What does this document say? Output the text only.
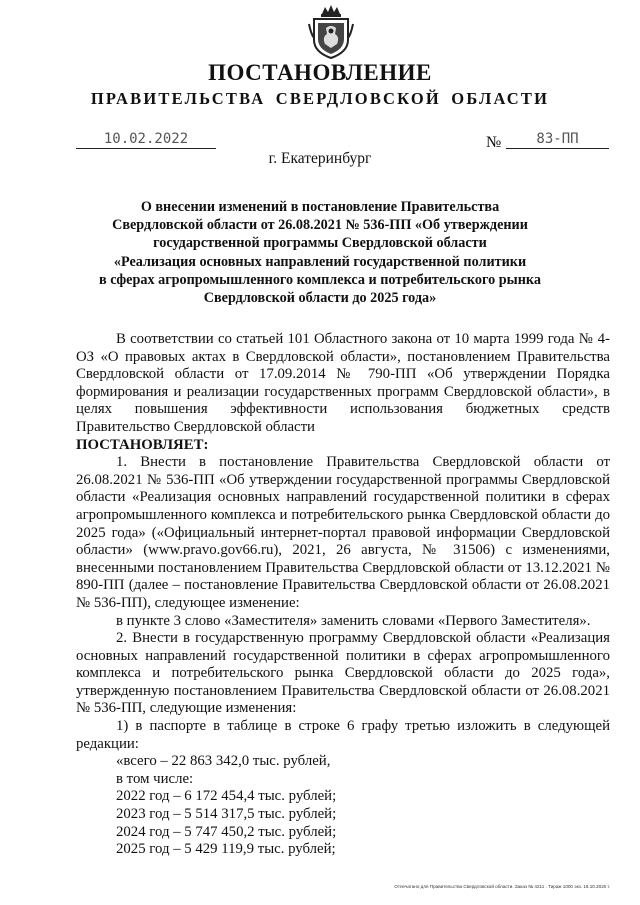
ПОСТАНОВЛЕНИЕ
ПРАВИТЕЛЬСТВА СВЕРДЛОВСКОЙ ОБЛАСТИ
10.02.2022	№	83-ПП
г. Екатеринбург
О внесении изменений в постановление Правительства
Свердловской области от 26.08.2021 № 536-ПП «Об утверждении
государственной программы Свердловской области
«Реализация основных направлений государственной политики
в сферах агропромышленного комплекса и потребительского рынка
Свердловской области до 2025 года»

В соответствии со статьей 101 Областного закона от 10 марта 1999 года № 4-ОЗ «О правовых актах в Свердловской области», постановлением Правительства Свердловской области от 17.09.2014 № 790-ПП «Об утверждении Порядка формирования и реализации государственных программ Свердловской области», в целях повышения эффективности использования бюджетных средств Правительство Свердловской области

ПОСТАНОВЛЯЕТ:

1. Внести в постановление Правительства Свердловской области от 26.08.2021 № 536-ПП «Об утверждении государственной программы Свердловской области «Реализация основных направлений государственной политики в сферах агропромышленного комплекса и потребительского рынка Свердловской области до 2025 года» («Официальный интернет-портал правовой информации Свердловской области» (www.pravo.gov66.ru), 2021, 26 августа, № 31506) с изменениями, внесенными постановлением Правительства Свердловской области от 13.12.2021 № 890-ПП (далее – постановление Правительства Свердловской области от 26.08.2021 № 536-ПП), следующее изменение:

в пункте 3 слово «Заместителя» заменить словами «Первого Заместителя».

2. Внести в государственную программу Свердловской области «Реализация основных направлений государственной политики в сферах агропромышленного комплекса и потребительского рынка Свердловской области до 2025 года», утвержденную постановлением Правительства Свердловской области от 26.08.2021 № 536-ПП, следующие изменения:

1) в паспорте в таблице в строке 6 графу третью изложить в следующей редакции:

«всего – 22 863 342,0 тыс. рублей,

в том числе:

2022 год – 6 172 454,4 тыс. рублей;

2023 год – 5 514 317,5 тыс. рублей;

2024 год – 5 747 450,2 тыс. рублей;

2025 год – 5 429 119,9 тыс. рублей;

Отпечатано для Правительства Свердловской области. Заказ № 4211 . Тираж 1000 экз. 16.10.2020 г.
